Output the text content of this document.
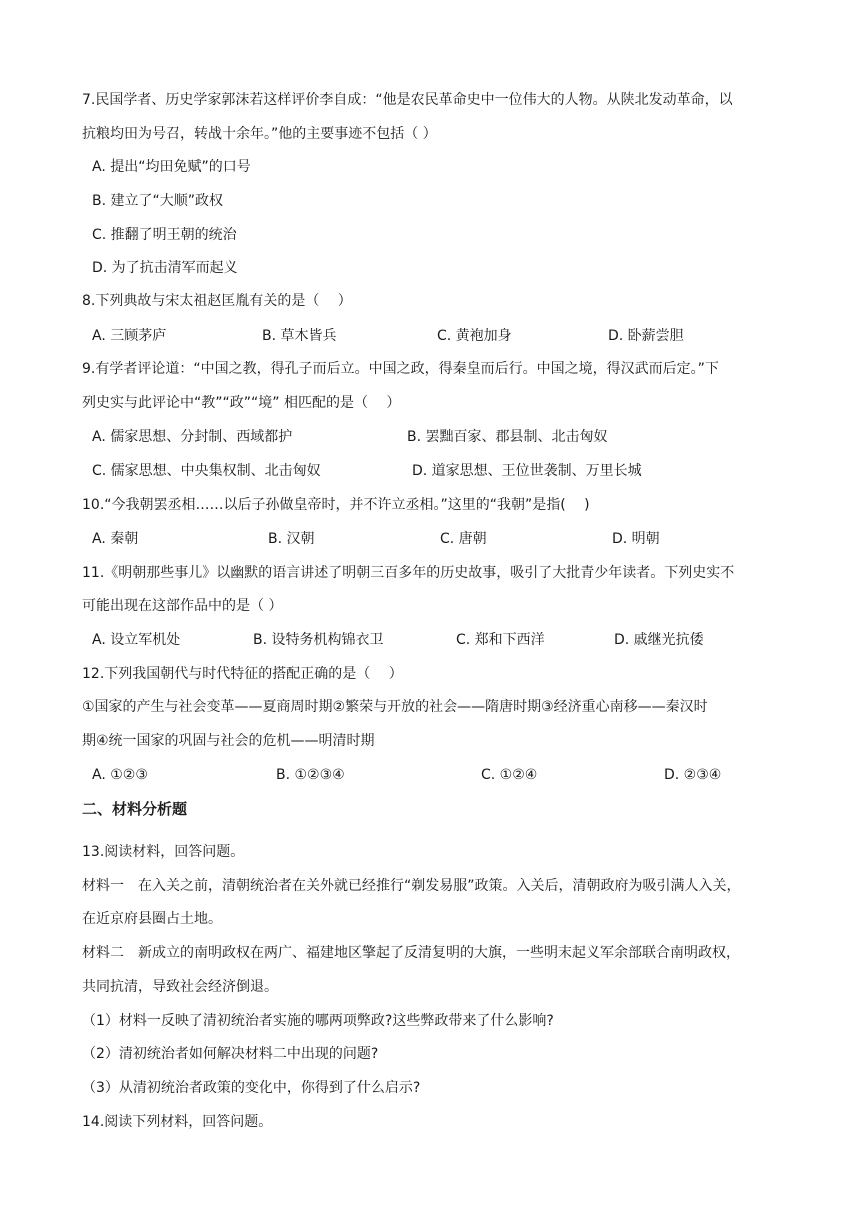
7.民国学者、历史学家郭沫若这样评价李自成：“他是农民革命史中一位伟大的人物。从陕北发动革命，以
抗粮均田为号召，转战十余年。”他的主要事迹不包括（ ）
A. 提出“均田免赋”的口号
B. 建立了“大顺”政权
C. 推翻了明王朝的统治
D. 为了抗击清军而起义
8.下列典故与宋太祖赵匡胤有关的是（　 ）
A. 三顾茅庐	B. 草木皆兵	C. 黄袍加身	D. 卧薪尝胆
9.有学者评论道：“中国之教，得孔子而后立。中国之政，得秦皇而后行。中国之境，得汉武而后定。”下
列史实与此评论中“教”“政”“境” 相匹配的是（　 ）
A. 儒家思想、分封制、西域都护	B. 罢黜百家、郡县制、北击匈奴
C. 儒家思想、中央集权制、北击匈奴	D. 道家思想、王位世袭制、万里长城
10.“今我朝罢丞相……以后子孙做皇帝时，并不许立丞相。”这里的“我朝”是指(　 )
A. 秦朝	B. 汉朝	C. 唐朝	D. 明朝
11.《明朝那些事儿》以幽默的语言讲述了明朝三百多年的历史故事，吸引了大批青少年读者。下列史实不
可能出现在这部作品中的是（ ）
A. 设立军机处	B. 设特务机构锦衣卫	C. 郑和下西洋	D. 戚继光抗倭
12.下列我国朝代与时代特征的搭配正确的是（　 ）
①国家的产生与社会变革——夏商周时期②繁荣与开放的社会——隋唐时期③经济重心南移——秦汉时
期④统一国家的巩固与社会的危机——明清时期
A. ①②③	B. ①②③④	C. ①②④	D. ②③④
二、材料分析题
13.阅读材料，回答问题。
材料一　在入关之前，清朝统治者在关外就已经推行“剃发易服”政策。入关后，清朝政府为吸引满人入关，
在近京府县圈占土地。
材料二　新成立的南明政权在两广、福建地区擎起了反清复明的大旗，一些明末起义军余部联合南明政权，
共同抗清，导致社会经济倒退。
（1）材料一反映了清初统治者实施的哪两项弊政?这些弊政带来了什么影响?
（2）清初统治者如何解决材料二中出现的问题?
（3）从清初统治者政策的变化中，你得到了什么启示?
14.阅读下列材料，回答问题。
